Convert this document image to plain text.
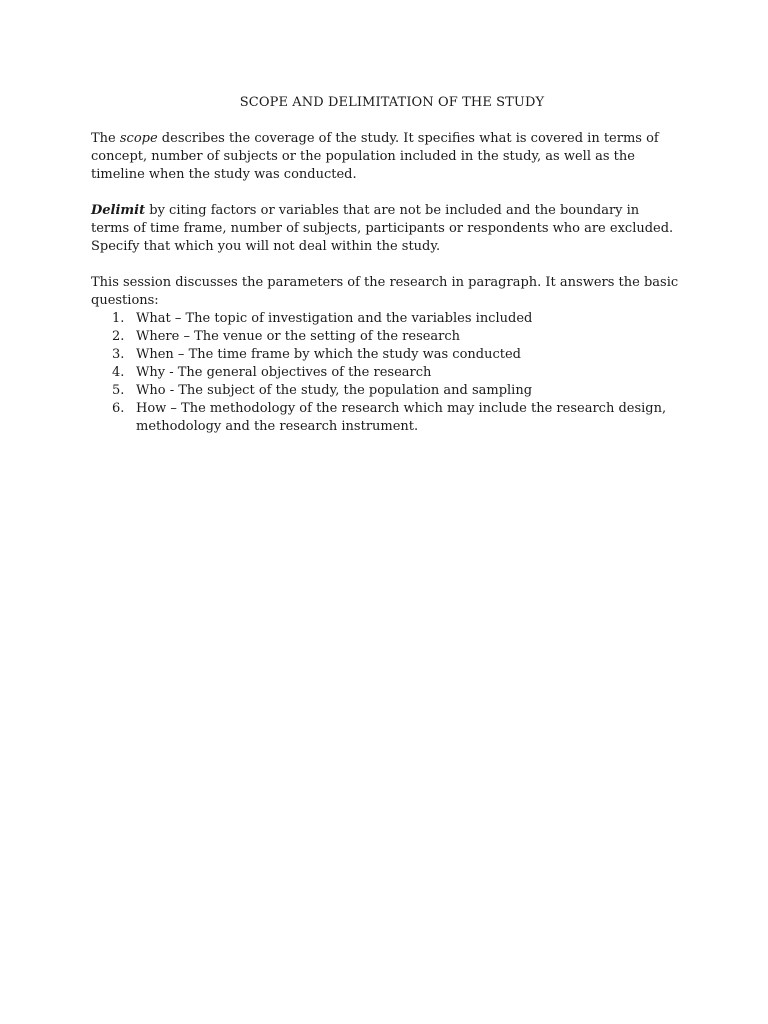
SCOPE AND DELIMITATION OF THE STUDY

The scope describes the coverage of the study. It specifies what is covered in terms of concept, number of subjects or the population included in the study, as well as the timeline when the study was conducted.

Delimit by citing factors or variables that are not be included and the boundary in terms of time frame, number of subjects, participants or respondents who are excluded. Specify that which you will not deal within the study.

This session discusses the parameters of the research in paragraph. It answers the basic questions:

1. What – The topic of investigation and the variables included
2. Where – The venue or the setting of the research
3. When – The time frame by which the study was conducted
4. Why - The general objectives of the research
5. Who - The subject of the study, the population and sampling
6. How – The methodology of the research which may include the research design, methodology and the research instrument.
